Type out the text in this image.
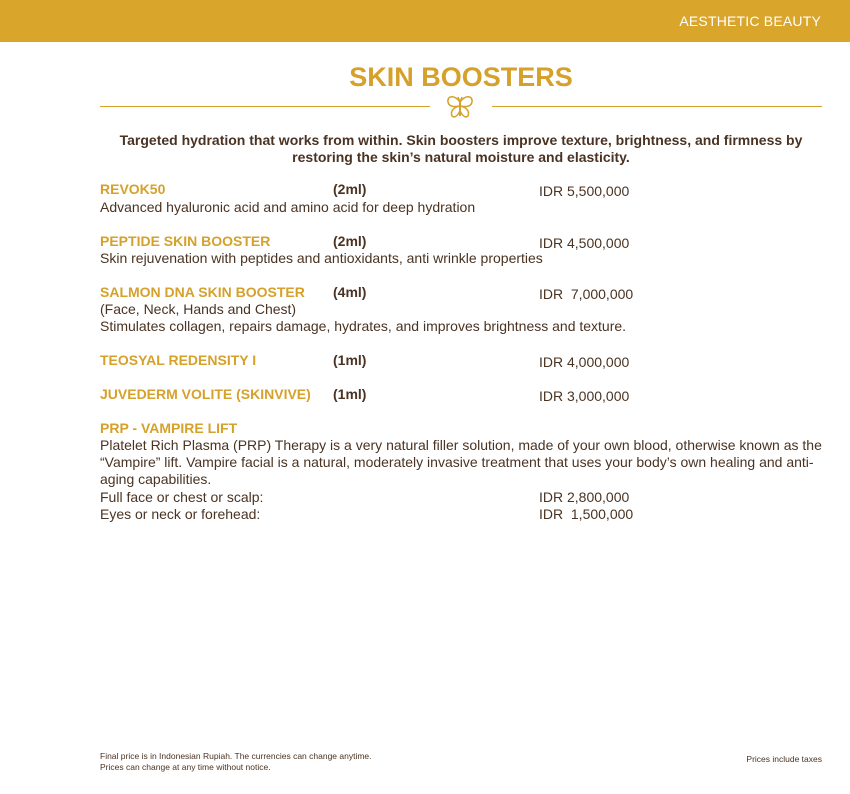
AESTHETIC BEAUTY
SKIN BOOSTERS
Targeted hydration that works from within. Skin boosters improve texture, brightness, and firmness by restoring the skin’s natural moisture and elasticity.
REVOK50	(2ml)	IDR 5,500,000
Advanced hyaluronic acid and amino acid for deep hydration
PEPTIDE SKIN BOOSTER	(2ml)	IDR 4,500,000
Skin rejuvenation with peptides and antioxidants, anti wrinkle properties
SALMON DNA SKIN BOOSTER (4ml)	IDR  7,000,000
(Face, Neck, Hands and Chest)
Stimulates collagen, repairs damage, hydrates, and improves brightness and texture.
TEOSYAL REDENSITY I	(1ml)	IDR 4,000,000
JUVEDERM VOLITE (SKINVIVE) (1ml)	IDR 3,000,000
PRP - VAMPIRE LIFT
Platelet Rich Plasma (PRP) Therapy is a very natural filler solution, made of your own blood, otherwise known as the “Vampire” lift. Vampire facial is a natural, moderately invasive treatment that uses your body’s own healing and anti-aging capabilities.
Full face or chest or scalp:	IDR 2,800,000
Eyes or neck or forehead:	IDR  1,500,000
Final price is in Indonesian Rupiah. The currencies can change anytime.
Prices can change at any time without notice.
Prices include taxes
